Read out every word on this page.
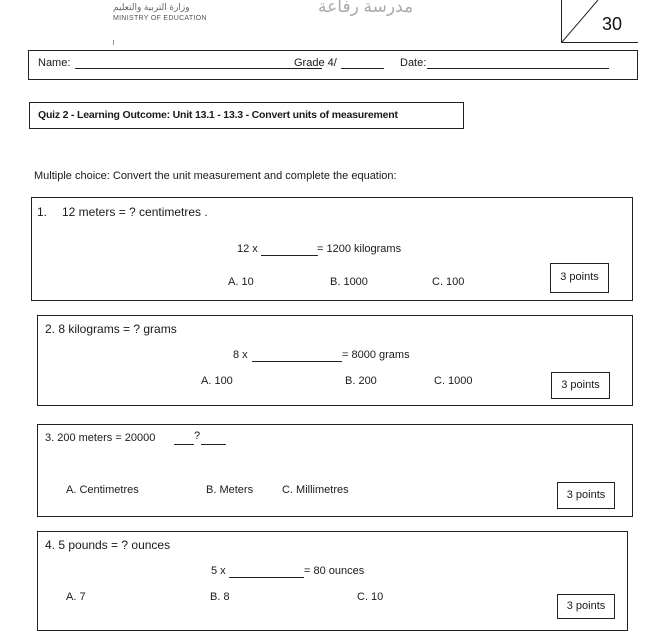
وزارة التربية والتعليم
MINISTRY OF EDUCATION
مدرسة رفاعة
30
Name:	Grade 4/	Date:
Quiz 2 - Learning Outcome: Unit 13.1 - 13.3 - Convert units of measurement
Multiple choice: Convert the unit measurement and complete the equation:
1. 12 meters = ? centimetres .
12 x	= 1200 kilograms
A. 10	B. 1000	C. 100	3 points
2. 8 kilograms = ? grams
8 x	= 8000 grams
A. 100	B. 200	C. 1000	3 points
3. 200 meters = 20000	?
A. Centimetres	B. Meters	C. Millimetres	3 points
4. 5 pounds = ? ounces
5 x	= 80 ounces
A. 7	B. 8	C. 10
3 points
